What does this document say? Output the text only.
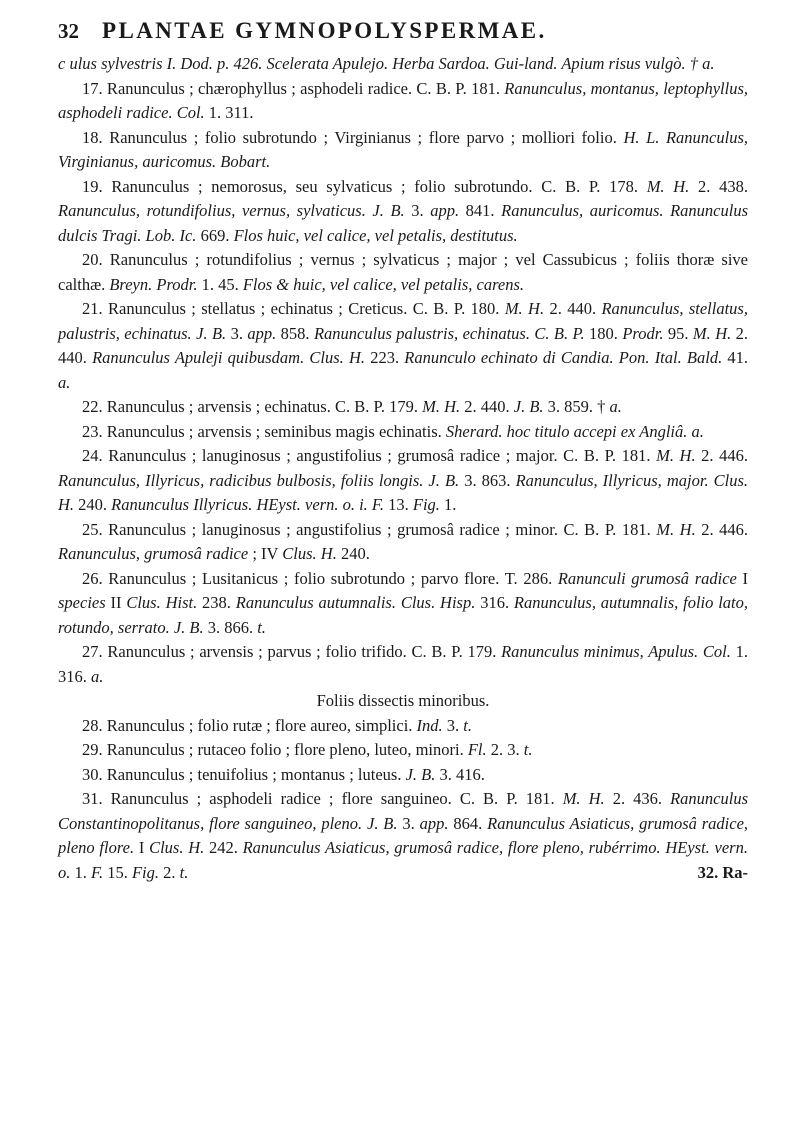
32	PLANTAE GYMNOPOLYSPERMAE.

c ulus sylvestris I. Dod. p. 426. Scelerata Apulejo. Herba Sardoa. Gui-land. Apium risus vulgò. † a.

17. Ranunculus ; chærophyllus ; asphodeli radice. C. B. P. 181. Ranunculus, montanus, leptophyllus, asphodeli radice. Col. 1. 311.

18. Ranunculus ; folio subrotundo ; Virginianus ; flore parvo ; molliori folio. H. L. Ranunculus, Virginianus, auricomus. Bobart.

19. Ranunculus ; nemorosus, seu sylvaticus ; folio subrotundo. C. B. P. 178. M. H. 2. 438. Ranunculus, rotundifolius, vernus, sylvaticus. J. B. 3. app. 841. Ranunculus, auricomus. Ranunculus dulcis Tragi. Lob. Ic. 669. Flos huic, vel calice, vel petalis, destitutus.

20. Ranunculus ; rotundifolius ; vernus ; sylvaticus ; major ; vel Cassubicus ; foliis thoræ sive calthæ. Breyn. Prodr. 1. 45. Flos & huic, vel calice, vel petalis, carens.

21. Ranunculus ; stellatus ; echinatus ; Creticus. C. B. P. 180. M. H. 2. 440. Ranunculus, stellatus, palustris, echinatus. J. B. 3. app. 858. Ranunculus palustris, echinatus. C. B. P. 180. Prodr. 95. M. H. 2. 440. Ranunculus Apuleji quibusdam. Clus. H. 223. Ranunculo echinato di Candia. Pon. Ital. Bald. 41. a.

22. Ranunculus ; arvensis ; echinatus. C. B. P. 179. M. H. 2. 440. J. B. 3. 859. † a.

23. Ranunculus ; arvensis ; seminibus magis echinatis. Sherard. hoc titulo accepi ex Angliâ. a.

24. Ranunculus ; lanuginosus ; angustifolius ; grumosâ radice ; major. C. B. P. 181. M. H. 2. 446. Ranunculus, Illyricus, radicibus bulbosis, foliis longis. J. B. 3. 863. Ranunculus, Illyricus, major. Clus. H. 240. Ranunculus Illyricus. HEyst. vern. o. i. F. 13. Fig. 1.

25. Ranunculus ; lanuginosus ; angustifolius ; grumosâ radice ; minor. C. B. P. 181. M. H. 2. 446. Ranunculus, grumosâ radice ; IV Clus. H. 240.

26. Ranunculus ; Lusitanicus ; folio subrotundo ; parvo flore. T. 286. Ranunculi grumosâ radice I species II Clus. Hist. 238. Ranunculus autumnalis. Clus. Hisp. 316. Ranunculus, autumnalis, folio lato, rotundo, serrato. J. B. 3. 866. t.

27. Ranunculus ; arvensis ; parvus ; folio trifido. C. B. P. 179. Ranunculus minimus, Apulus. Col. 1. 316. a.

Foliis dissectis minoribus.

28. Ranunculus ; folio rutæ ; flore aureo, simplici. Ind. 3. t.

29. Ranunculus ; rutaceo folio ; flore pleno, luteo, minori. Fl. 2. 3. t.

30. Ranunculus ; tenuifolius ; montanus ; luteus. J. B. 3. 416.

31. Ranunculus ; asphodeli radice ; flore sanguineo. C. B. P. 181. M. H. 2. 436. Ranunculus Constantinopolitanus, flore sanguineo, pleno. J. B. 3. app. 864. Ranunculus Asiaticus, grumosâ radice, pleno flore. I Clus. H. 242. Ranunculus Asiaticus, grumosâ radice, flore pleno, rubérrimo. HEyst. vern. o. 1. F. 15. Fig. 2. t.	32. Ra-
